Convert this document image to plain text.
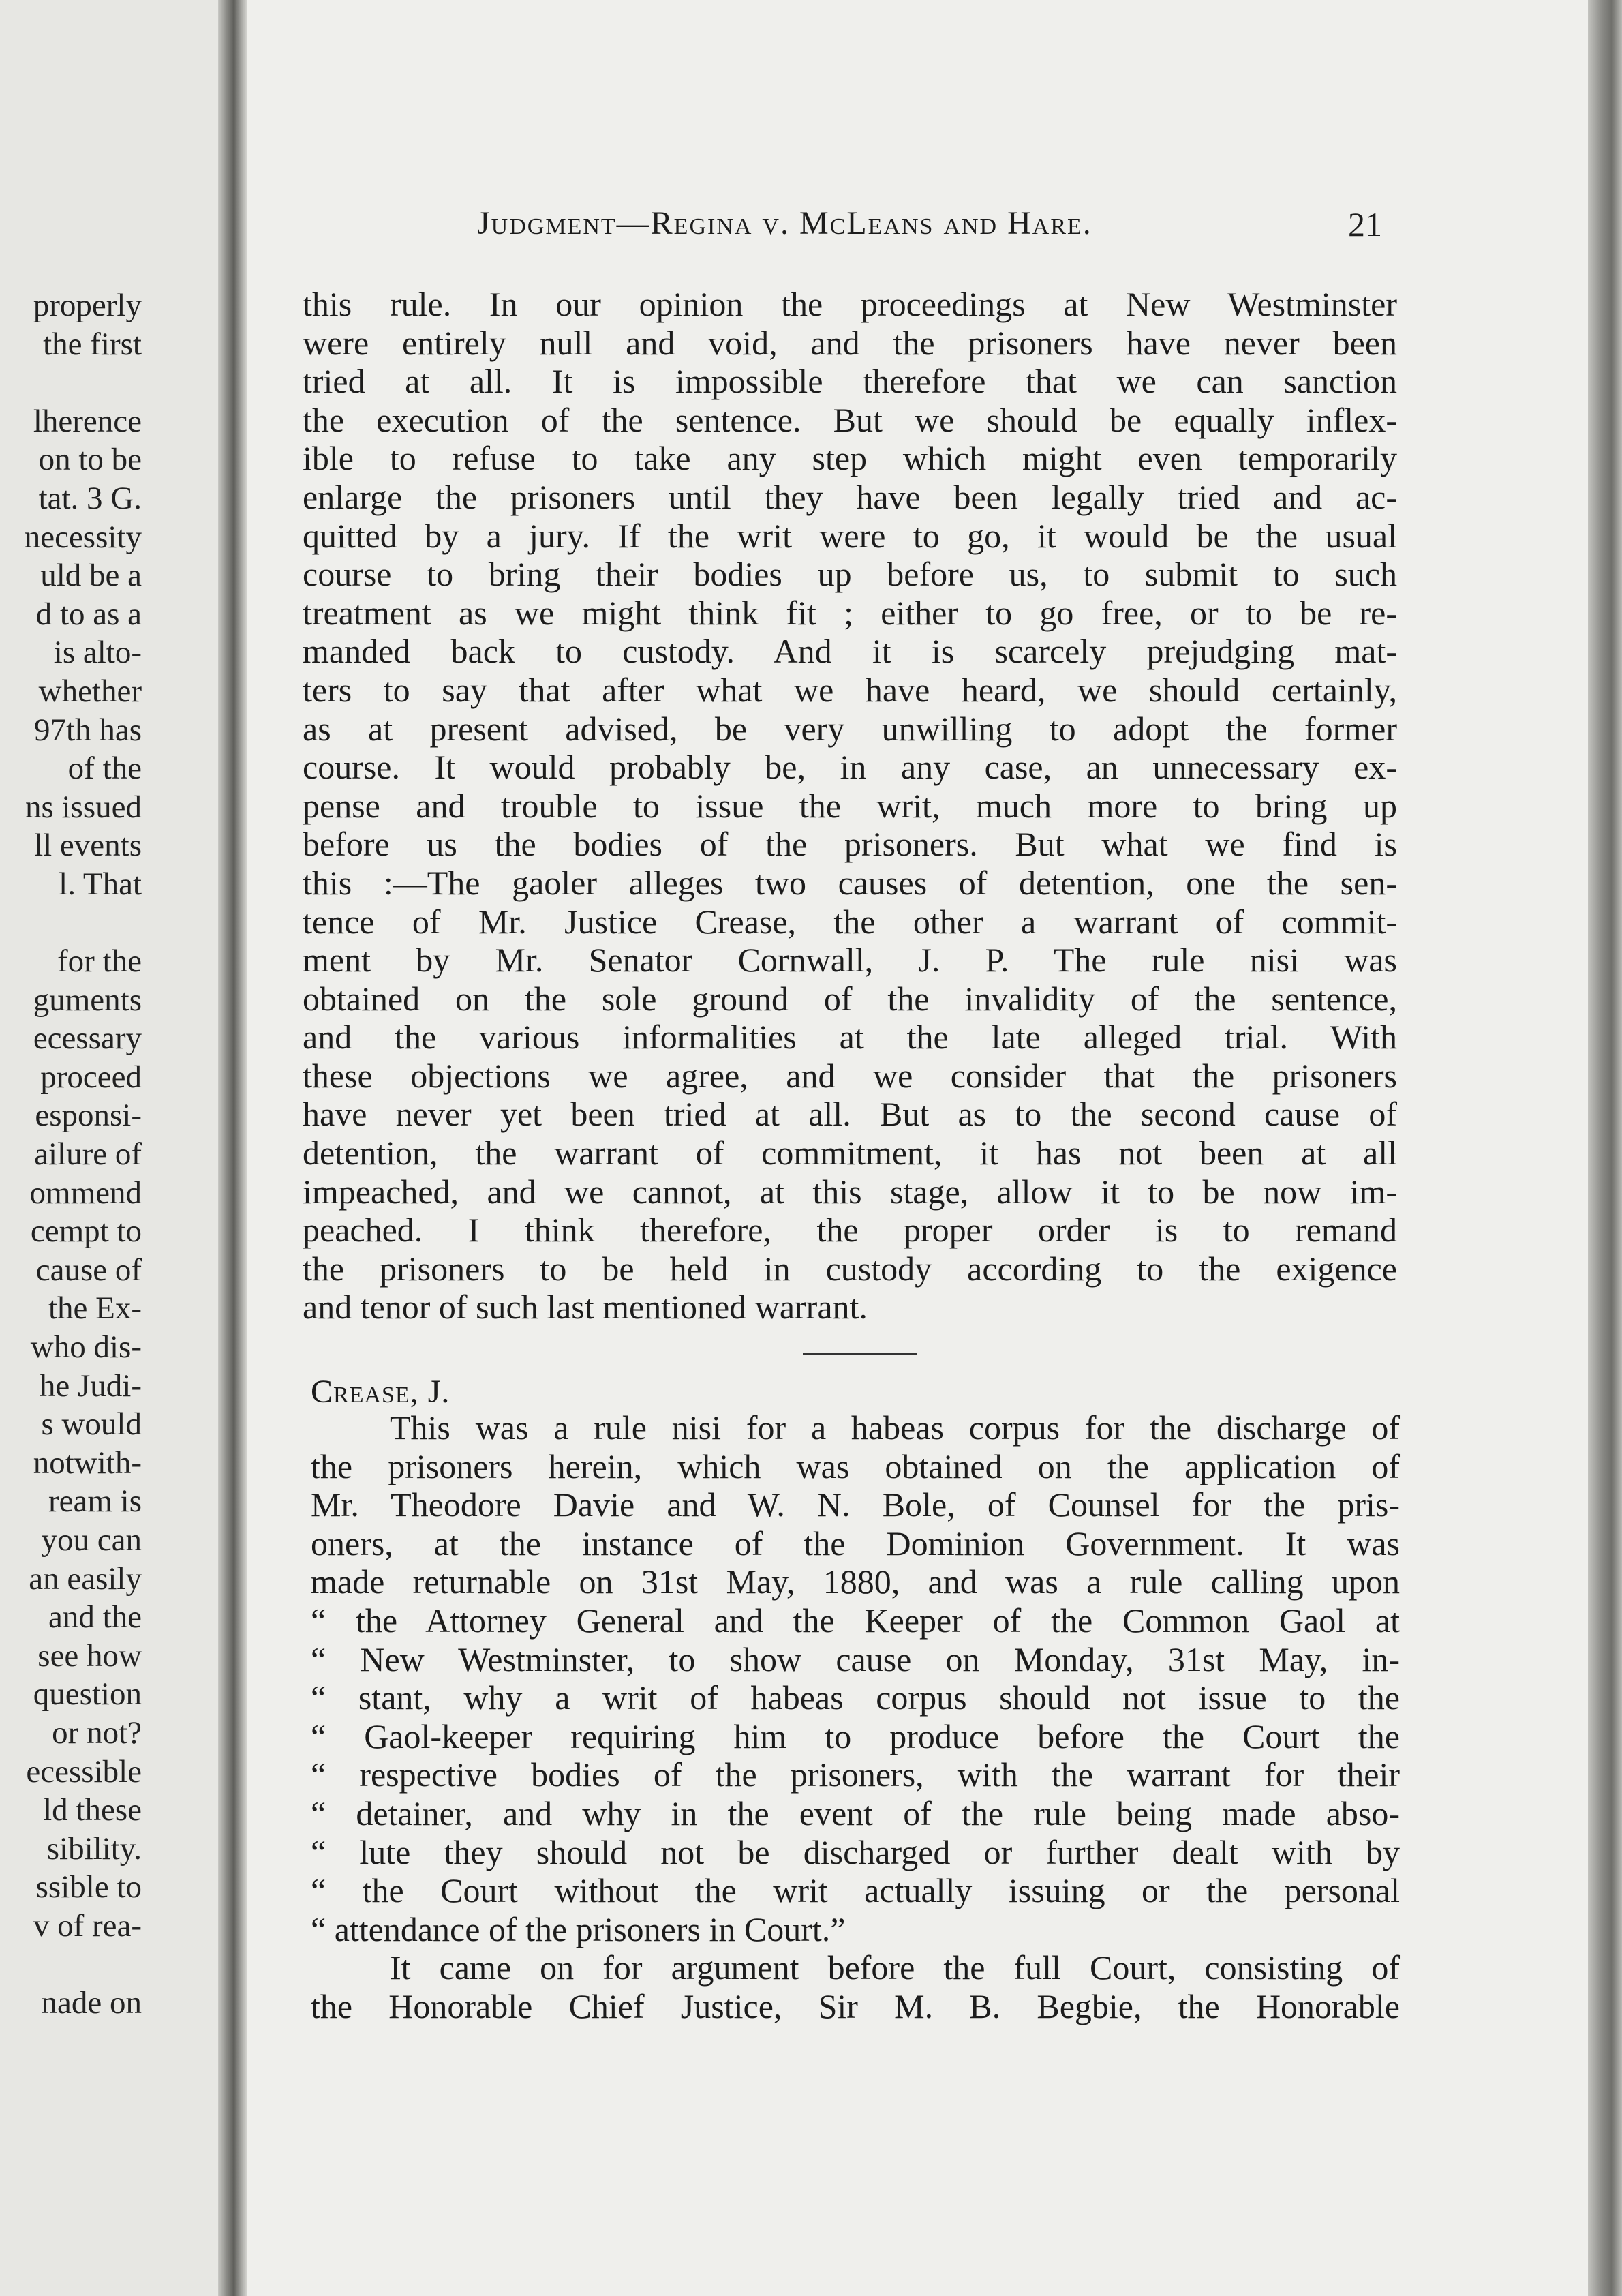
properly
the first
lherence
on to be
tat. 3 G.
necessity
uld be a
d to as a
is alto-
whether
97th has
of the
ns issued
ll events
l. That
for the
guments
ecessary
proceed
esponsi-
ailure of
ommend
cempt to
cause of
the Ex-
who dis-
he Judi-
s would
notwith-
ream is
you can
an easily
and the
see how
question
or not?
ecessible
ld these
sibility.
ssible to
v of rea-
nade on
Judgment—Regina v. McLeans and Hare.	21
this rule. In our opinion the proceedings at New Westminster
were entirely null and void, and the prisoners have never been
tried at all. It is impossible therefore that we can sanction
the execution of the sentence. But we should be equally inflex-
ible to refuse to take any step which might even temporarily
enlarge the prisoners until they have been legally tried and ac-
quitted by a jury. If the writ were to go, it would be the usual
course to bring their bodies up before us, to submit to such
treatment as we might think fit ; either to go free, or to be re-
manded back to custody. And it is scarcely prejudging mat-
ters to say that after what we have heard, we should certainly,
as at present advised, be very unwilling to adopt the former
course. It would probably be, in any case, an unnecessary ex-
pense and trouble to issue the writ, much more to bring up
before us the bodies of the prisoners. But what we find is
this :—The gaoler alleges two causes of detention, one the sen-
tence of Mr. Justice Crease, the other a warrant of commit-
ment by Mr. Senator Cornwall, J. P. The rule nisi was
obtained on the sole ground of the invalidity of the sentence,
and the various informalities at the late alleged trial. With
these objections we agree, and we consider that the prisoners
have never yet been tried at all. But as to the second cause of
detention, the warrant of commitment, it has not been at all
impeached, and we cannot, at this stage, allow it to be now im-
peached. I think therefore, the proper order is to remand
the prisoners to be held in custody according to the exigence
and tenor of such last mentioned warrant.
Crease, J.
This was a rule nisi for a habeas corpus for the discharge of
the prisoners herein, which was obtained on the application of
Mr. Theodore Davie and W. N. Bole, of Counsel for the pris-
oners, at the instance of the Dominion Government. It was
made returnable on 31st May, 1880, and was a rule calling upon
“ the Attorney General and the Keeper of the Common Gaol at
“ New Westminster, to show cause on Monday, 31st May, in-
“ stant, why a writ of habeas corpus should not issue to the
“ Gaol-keeper requiring him to produce before the Court the
“ respective bodies of the prisoners, with the warrant for their
“ detainer, and why in the event of the rule being made abso-
“ lute they should not be discharged or further dealt with by
“ the Court without the writ actually issuing or the personal
“ attendance of the prisoners in Court.”
It came on for argument before the full Court, consisting of
the Honorable Chief Justice, Sir M. B. Begbie, the Honorable
